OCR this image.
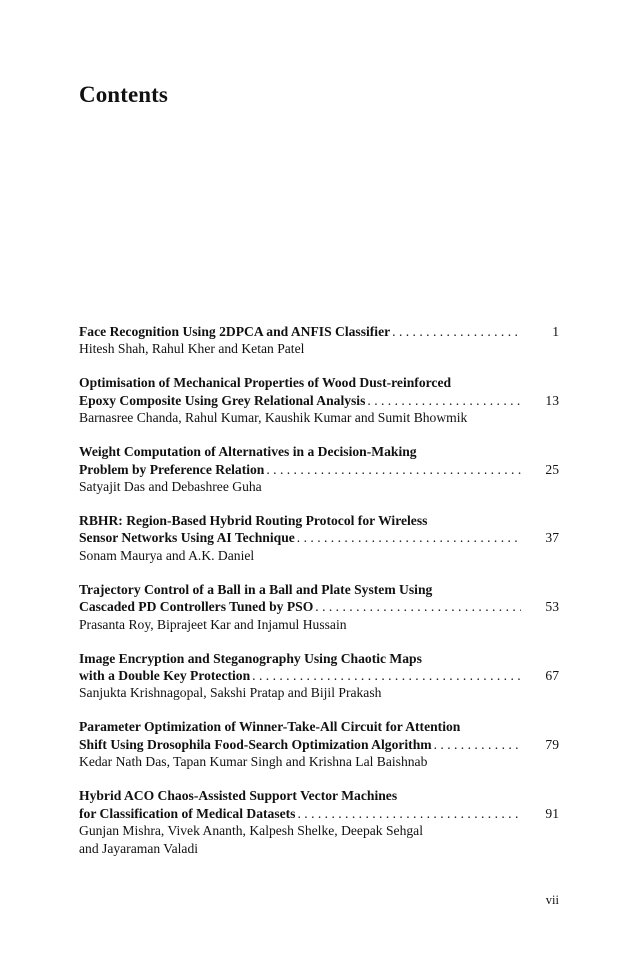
Contents
Face Recognition Using 2DPCA and ANFIS Classifier . . .	1
Hitesh Shah, Rahul Kher and Ketan Patel
Optimisation of Mechanical Properties of Wood Dust-reinforced
Epoxy Composite Using Grey Relational Analysis . . .	13
Barnasree Chanda, Rahul Kumar, Kaushik Kumar and Sumit Bhowmik
Weight Computation of Alternatives in a Decision-Making
Problem by Preference Relation . . .	25
Satyajit Das and Debashree Guha
RBHR: Region-Based Hybrid Routing Protocol for Wireless
Sensor Networks Using AI Technique . . .	37
Sonam Maurya and A.K. Daniel
Trajectory Control of a Ball in a Ball and Plate System Using
Cascaded PD Controllers Tuned by PSO . . .	53
Prasanta Roy, Biprajeet Kar and Injamul Hussain
Image Encryption and Steganography Using Chaotic Maps
with a Double Key Protection . . .	67
Sanjukta Krishnagopal, Sakshi Pratap and Bijil Prakash
Parameter Optimization of Winner-Take-All Circuit for Attention
Shift Using Drosophila Food-Search Optimization Algorithm . . .	79
Kedar Nath Das, Tapan Kumar Singh and Krishna Lal Baishnab
Hybrid ACO Chaos-Assisted Support Vector Machines
for Classification of Medical Datasets . . .	91
Gunjan Mishra, Vivek Ananth, Kalpesh Shelke, Deepak Sehgal
and Jayaraman Valadi
vii
